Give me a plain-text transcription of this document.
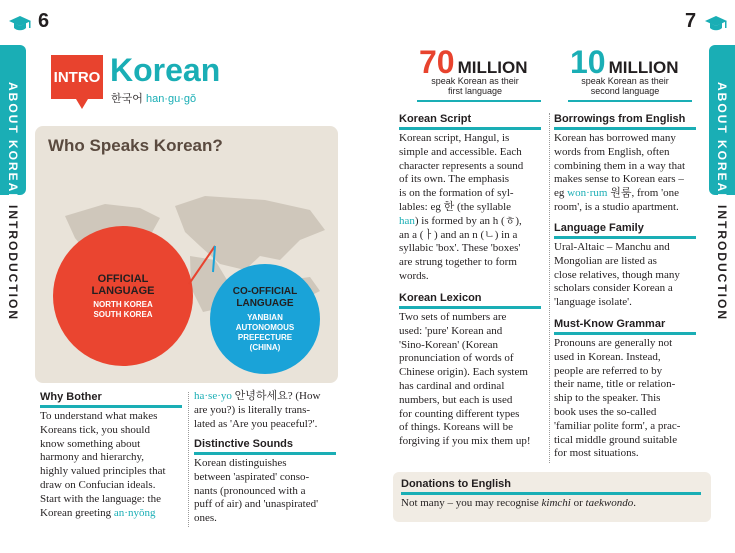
6
ABOUT KOREAN
INTRODUCTION
INTRO Korean
한국어 han·gu·gŏ
Who Speaks Korean?
OFFICIAL
LANGUAGE
NORTH KOREA
SOUTH KOREA
CO-OFFICIAL
LANGUAGE
YANBIAN
AUTONOMOUS
PREFECTURE
(CHINA)
Why Bother
To understand what makes
Koreans tick, you should
know something about
harmony and hierarchy,
highly valued principles that
draw on Confucian ideals.
Start with the language: the
Korean greeting an·nyŏng
ha·se·yo 안녕하세요? (How
are you?) is literally trans-
lated as 'Are you peaceful?'.
Distinctive Sounds
Korean distinguishes
between 'aspirated' conso-
nants (pronounced with a
puff of air) and 'unaspirated'
ones.
7
ABOUT KOREAN
INTRODUCTION
70 MILLION
speak Korean as their
first language
10 MILLION
speak Korean as their
second language
Korean Script
Korean script, Hangul, is
simple and accessible. Each
character represents a sound
of its own. The emphasis
is on the formation of syl-
lables: eg 한 (the syllable
han) is formed by an h (ㅎ),
an a (ㅏ) and an n (ㄴ) in a
syllabic 'box'. These 'boxes'
are strung together to form
words.
Korean Lexicon
Two sets of numbers are
used: 'pure' Korean and
'Sino-Korean' (Korean
pronunciation of words of
Chinese origin). Each system
has cardinal and ordinal
numbers, but each is used
for counting different types
of things. Koreans will be
forgiving if you mix them up!
Borrowings from English
Korean has borrowed many
words from English, often
combining them in a way that
makes sense to Korean ears –
eg won·rum 원룸, from 'one
room', is a studio apartment.
Language Family
Ural-Altaic – Manchu and
Mongolian are listed as
close relatives, though many
scholars consider Korean a
'language isolate'.
Must-Know Grammar
Pronouns are generally not
used in Korean. Instead,
people are referred to by
their name, title or relation-
ship to the speaker. This
book uses the so-called
'familiar polite form', a prac-
tical middle ground suitable
for most situations.
Donations to English
Not many – you may recognise kimchi or taekwondo.
